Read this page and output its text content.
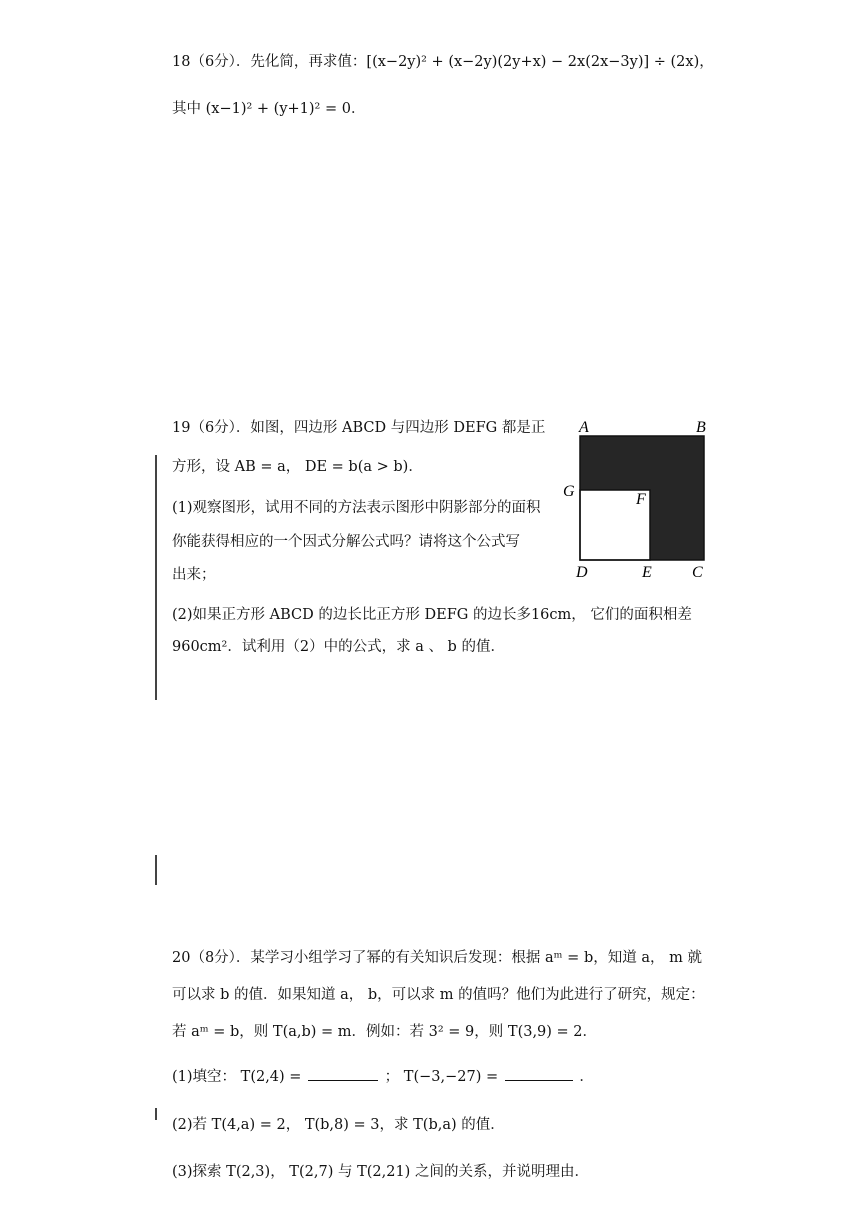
18（6分）．先化简，再求值：[(x−2y)² + (x−2y)(2y+x) − 2x(2x−3y)] ÷ (2x)，
其中 (x−1)² + (y+1)² = 0．
19（6分）．如图，四边形 ABCD 与四边形 DEFG 都是正
方形，设 AB = a， DE = b(a > b)．
(1)观察图形，试用不同的方法表示图形中阴影部分的面积
你能获得相应的一个因式分解公式吗？请将这个公式写
出来；
(2)如果正方形 ABCD 的边长比正方形 DEFG 的边长多16cm， 它们的面积相差
960cm²．试利用（2）中的公式，求 a 、 b 的值．
A	B
G	F
D	E	C
20（8分）．某学习小组学习了幂的有关知识后发现：根据 aᵐ = b，知道 a， m 就
可以求 b 的值．如果知道 a， b，可以求 m 的值吗？他们为此进行了研究，规定：
若 aᵐ = b，则 T(a,b) = m．例如：若 3² = 9，则 T(3,9) = 2．
(1)填空： T(2,4) =	； T(−3,−27) =	．
(2)若 T(4,a) = 2， T(b,8) = 3，求 T(b,a) 的值．
(3)探索 T(2,3)， T(2,7) 与 T(2,21) 之间的关系，并说明理由．
